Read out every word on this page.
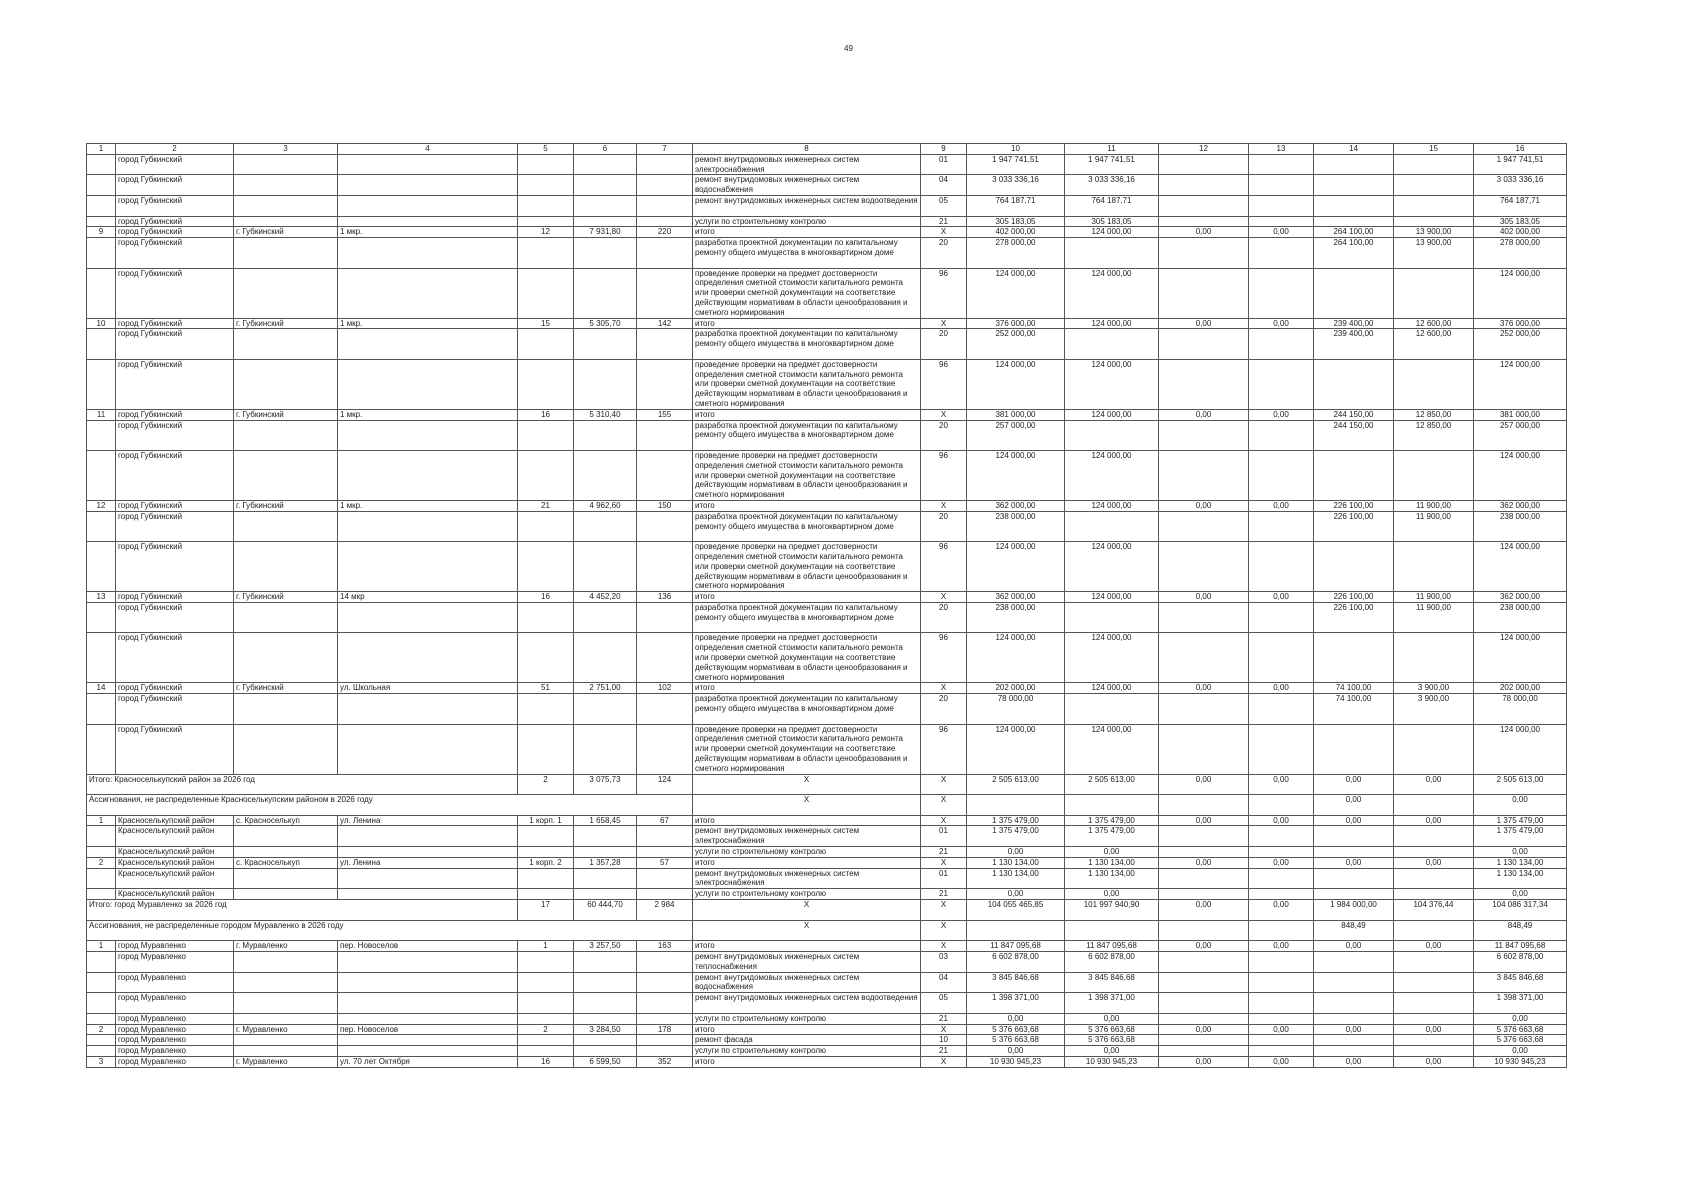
49
1	2	3	4	5	6	7	8	9	10	11	12	13	14	15	16
	город Губкинский						ремонт внутридомовых инженерных систем электроснабжения	01	1 947 741,51	1 947 741,51					1 947 741,51
	город Губкинский						ремонт внутридомовых инженерных систем водоснабжения	04	3 033 336,16	3 033 336,16					3 033 336,16
	город Губкинский						ремонт внутридомовых инженерных систем водоотведения	05	764 187,71	764 187,71					764 187,71
	город Губкинский						услуги по строительному контролю	21	305 183,05	305 183,05					305 183,05
9	город Губкинский	г. Губкинский	1 мкр.	12	7 931,80	220	итого	Х	402 000,00	124 000,00	0,00	0,00	264 100,00	13 900,00	402 000,00
	город Губкинский						разработка проектной документации по капитальному ремонту общего имущества в многоквартирном доме	20	278 000,00				264 100,00	13 900,00	278 000,00
	город Губкинский						проведение проверки на предмет достоверности определения сметной стоимости капитального ремонта или проверки сметной документации на соответствие действующим нормативам в области ценообразования и сметного нормирования	96	124 000,00	124 000,00					124 000,00
10	город Губкинский	г. Губкинский	1 мкр.	15	5 305,70	142	итого	Х	376 000,00	124 000,00	0,00	0,00	239 400,00	12 600,00	376 000,00
	город Губкинский						разработка проектной документации по капитальному ремонту общего имущества в многоквартирном доме	20	252 000,00				239 400,00	12 600,00	252 000,00
	город Губкинский						проведение проверки на предмет достоверности определения сметной стоимости капитального ремонта или проверки сметной документации на соответствие действующим нормативам в области ценообразования и сметного нормирования	96	124 000,00	124 000,00					124 000,00
11	город Губкинский	г. Губкинский	1 мкр.	16	5 310,40	155	итого	Х	381 000,00	124 000,00	0,00	0,00	244 150,00	12 850,00	381 000,00
	город Губкинский						разработка проектной документации по капитальному ремонту общего имущества в многоквартирном доме	20	257 000,00				244 150,00	12 850,00	257 000,00
	город Губкинский						проведение проверки на предмет достоверности определения сметной стоимости капитального ремонта или проверки сметной документации на соответствие действующим нормативам в области ценообразования и сметного нормирования	96	124 000,00	124 000,00					124 000,00
12	город Губкинский	г. Губкинский	1 мкр.	21	4 962,60	150	итого	Х	362 000,00	124 000,00	0,00	0,00	226 100,00	11 900,00	362 000,00
	город Губкинский						разработка проектной документации по капитальному ремонту общего имущества в многоквартирном доме	20	238 000,00				226 100,00	11 900,00	238 000,00
	город Губкинский						проведение проверки на предмет достоверности определения сметной стоимости капитального ремонта или проверки сметной документации на соответствие действующим нормативам в области ценообразования и сметного нормирования	96	124 000,00	124 000,00					124 000,00
13	город Губкинский	г. Губкинский	14 мкр	16	4 452,20	136	итого	Х	362 000,00	124 000,00	0,00	0,00	226 100,00	11 900,00	362 000,00
	город Губкинский						разработка проектной документации по капитальному ремонту общего имущества в многоквартирном доме	20	238 000,00				226 100,00	11 900,00	238 000,00
	город Губкинский						проведение проверки на предмет достоверности определения сметной стоимости капитального ремонта или проверки сметной документации на соответствие действующим нормативам в области ценообразования и сметного нормирования	96	124 000,00	124 000,00					124 000,00
14	город Губкинский	г. Губкинский	ул. Школьная	51	2 751,00	102	итого	Х	202 000,00	124 000,00	0,00	0,00	74 100,00	3 900,00	202 000,00
	город Губкинский						разработка проектной документации по капитальному ремонту общего имущества в многоквартирном доме	20	78 000,00				74 100,00	3 900,00	78 000,00
	город Губкинский						проведение проверки на предмет достоверности определения сметной стоимости капитального ремонта или проверки сметной документации на соответствие действующим нормативам в области ценообразования и сметного нормирования	96	124 000,00	124 000,00					124 000,00
Итого: Красноселькупский район за 2026 год				2	3 075,73	124	Х	Х	2 505 613,00	2 505 613,00	0,00	0,00	0,00	0,00	2 505 613,00
Ассигнования, не распределенные Красноселькупским районом в 2026 году							Х	Х					0,00		0,00
1	Красноселькупский район	с. Красноселькуп	ул. Ленина	1 корп. 1	1 658,45	67	итого	Х	1 375 479,00	1 375 479,00	0,00	0,00	0,00	0,00	1 375 479,00
	Красноселькупский район						ремонт внутридомовых инженерных систем электроснабжения	01	1 375 479,00	1 375 479,00					1 375 479,00
	Красноселькупский район						услуги по строительному контролю	21	0,00	0,00					0,00
2	Красноселькупский район	с. Красноселькуп	ул. Ленина	1 корп. 2	1 357,28	57	итого	Х	1 130 134,00	1 130 134,00	0,00	0,00	0,00	0,00	1 130 134,00
	Красноселькупский район						ремонт внутридомовых инженерных систем электроснабжения	01	1 130 134,00	1 130 134,00					1 130 134,00
	Красноселькупский район						услуги по строительному контролю	21	0,00	0,00					0,00
Итого: город Муравленко за 2026 год				17	60 444,70	2 984	Х	Х	104 055 465,85	101 997 940,90	0,00	0,00	1 984 000,00	104 376,44	104 086 317,34
Ассигнования, не распределенные городом Муравленко в 2026 году							Х	Х					848,49		848,49
1	город Муравленко	г. Муравленко	пер. Новоселов	1	3 257,50	163	итого	Х	11 847 095,68	11 847 095,68	0,00	0,00	0,00	0,00	11 847 095,68
	город Муравленко						ремонт внутридомовых инженерных систем теплоснабжения	03	6 602 878,00	6 602 878,00					6 602 878,00
	город Муравленко						ремонт внутридомовых инженерных систем водоснабжения	04	3 845 846,68	3 845 846,68					3 845 846,68
	город Муравленко						ремонт внутридомовых инженерных систем водоотведения	05	1 398 371,00	1 398 371,00					1 398 371,00
	город Муравленко						услуги по строительному контролю	21	0,00	0,00					0,00
2	город Муравленко	г. Муравленко	пер. Новоселов	2	3 284,50	178	итого	Х	5 376 663,68	5 376 663,68	0,00	0,00	0,00	0,00	5 376 663,68
	город Муравленко						ремонт фасада	10	5 376 663,68	5 376 663,68					5 376 663,68
	город Муравленко						услуги по строительному контролю	21	0,00	0,00					0,00
3	город Муравленко	г. Муравленко	ул. 70 лет Октября	16	6 599,50	352	итого	Х	10 930 945,23	10 930 945,23	0,00	0,00	0,00	0,00	10 930 945,23
